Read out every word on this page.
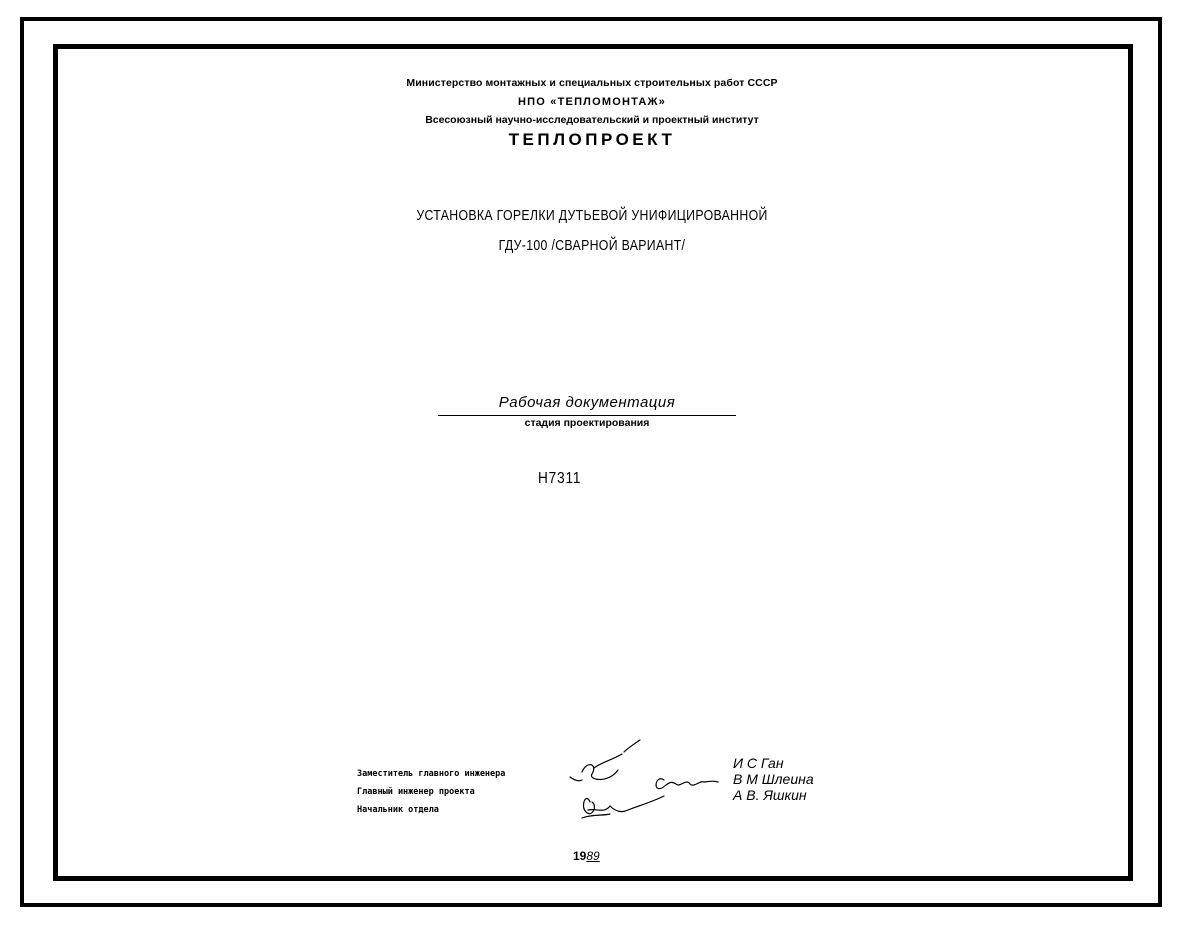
Министерство монтажных и специальных строительных работ СССР
НПО «ТЕПЛОМОНТАЖ»
Всесоюзный научно-исследовательский и проектный институт
ТЕПЛОПРОЕКТ
УСТАНОВКА ГОРЕЛКИ ДУТЬЕВОЙ УНИФИЦИРОВАННОЙ
ГДУ-100 /СВАРНОЙ ВАРИАНТ/
Рабочая документация
стадия проектирования
Н7311
Заместитель главного инженера
Главный инженер проекта
Начальник отдела
И С Ган
В М Шлеина
А В. Яшкин
1989
